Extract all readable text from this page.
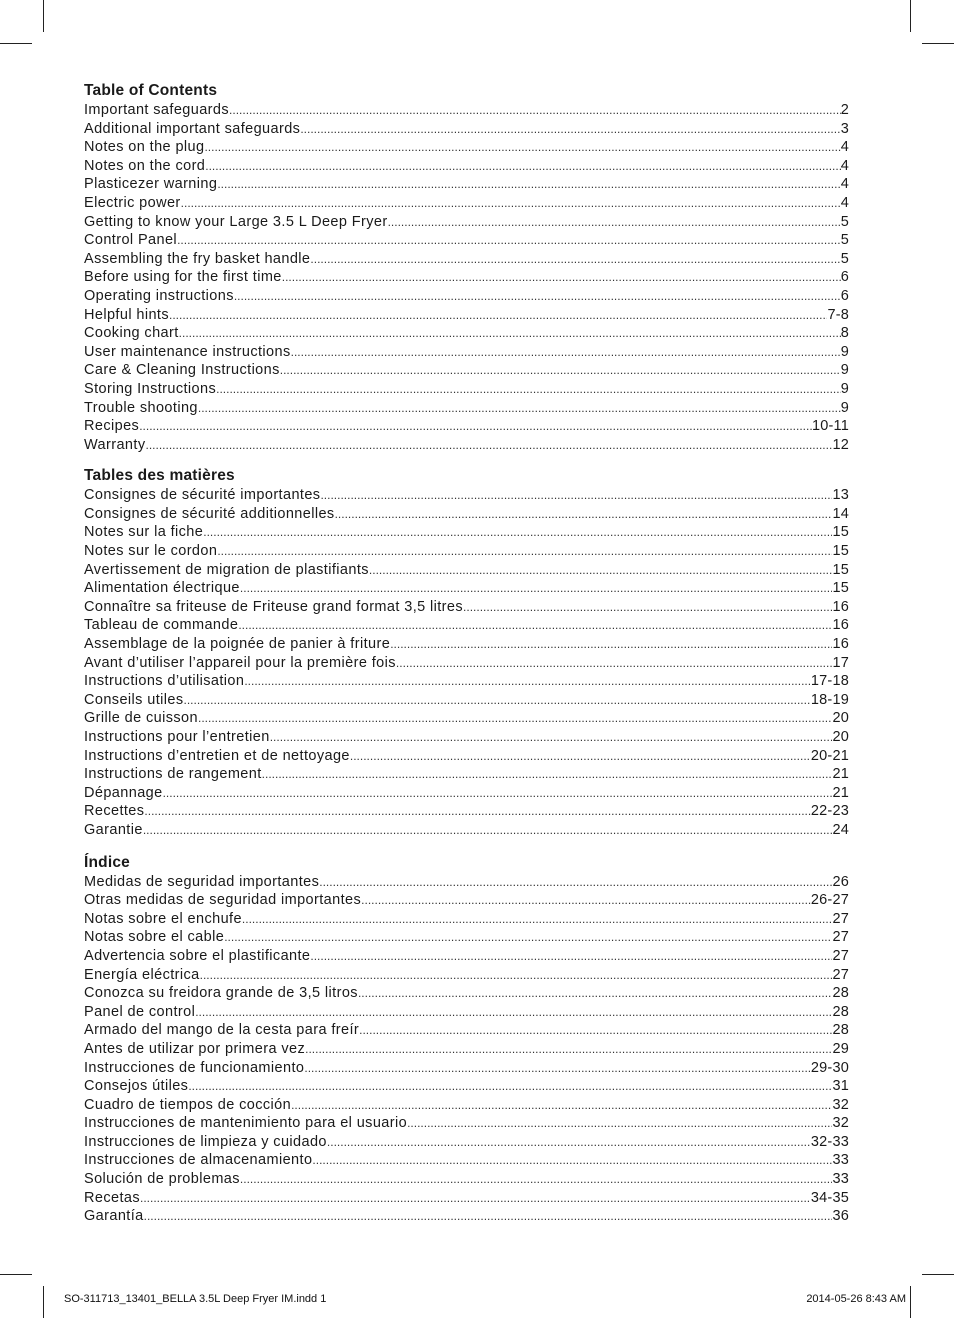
Table of Contents
Important safeguards .....	2
Additional important safeguards .....	3
Notes on the plug .....	4
Notes on the cord .....	4
Plasticezer warning .....	4
Electric power .....	4
Getting to know your Large 3.5 L Deep Fryer .....	5
Control Panel .....	5
Assembling the fry basket handle .....	5
Before using for the first time .....	6
Operating instructions .....	6
Helpful hints .....	7-8
Cooking chart .....	8
User maintenance instructions .....	9
Care & Cleaning Instructions .....	9
Storing Instructions .....	9
Trouble shooting .....	9
Recipes .....	10-11
Warranty .....	12
Tables des matières
Consignes de sécurité importantes .....	13
Consignes de sécurité additionnelles .....	14
Notes sur la fiche .....	15
Notes sur le cordon .....	15
Avertissement de migration de plastifiants .....	15
Alimentation électrique .....	15
Connaître sa friteuse de Friteuse grand format 3,5 litres .....	16
Tableau de commande .....	16
Assemblage de la poignée de panier à friture .....	16
Avant d’utiliser l’appareil pour la première fois .....	17
Instructions d’utilisation .....	17-18
Conseils utiles .....	18-19
Grille de cuisson .....	20
Instructions pour l’entretien .....	20
Instructions d’entretien et de nettoyage .....	20-21
Instructions de rangement .....	21
Dépannage .....	21
Recettes .....	22-23
Garantie .....	24
Índice
Medidas de seguridad importantes .....	26
Otras medidas de seguridad importantes .....	26-27
Notas sobre el enchufe .....	27
Notas sobre el cable .....	27
Advertencia sobre el plastificante .....	27
Energía eléctrica .....	27
Conozca su freidora grande de 3,5 litros .....	28
Panel de control .....	28
Armado del mango de la cesta para freír .....	28
Antes de utilizar por primera vez .....	29
Instrucciones de funcionamiento .....	29-30
Consejos útiles .....	31
Cuadro de tiempos de cocción .....	32
Instrucciones de mantenimiento para el usuario .....	32
Instrucciones de limpieza y cuidado .....	32-33
Instrucciones de almacenamiento .....	33
Solución de problemas .....	33
Recetas .....	34-35
Garantía .....	36
SO-311713_13401_BELLA 3.5L Deep Fryer IM.indd 1	2014-05-26 8:43 AM
